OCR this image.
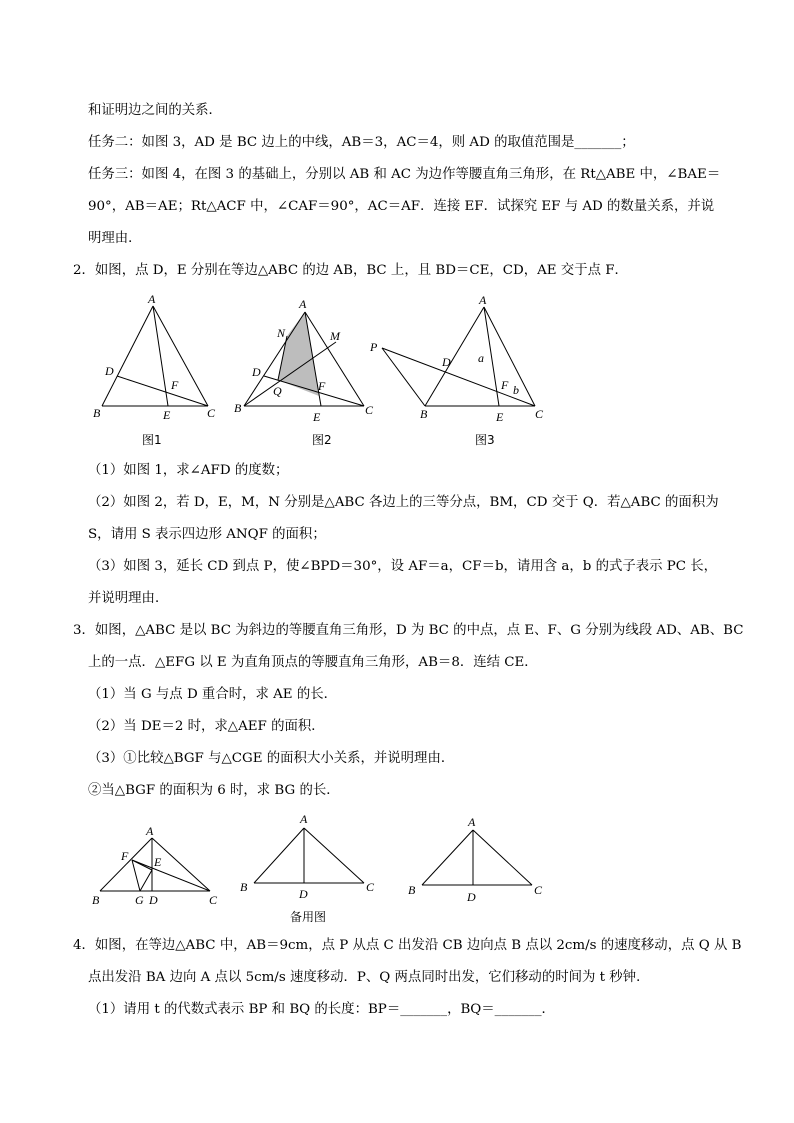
和证明边之间的关系．
任务二：如图 3，AD 是 BC 边上的中线，AB＝3，AC＝4，则 AD 的取值范围是_______；
任务三：如图 4，在图 3 的基础上，分别以 AB 和 AC 为边作等腰直角三角形，在 Rt△ABE 中，∠BAE＝
90°，AB＝AE；Rt△ACF 中，∠CAF＝90°，AC＝AF．连接 EF．试探究 EF 与 AD 的数量关系，并说
明理由．
2．如图，点 D，E 分别在等边△ABC 的边 AB，BC 上，且 BD＝CE，CD，AE 交于点 F．
A
B	C
D
E
F
图1
A
B	C
D
E
F
M
N
Q
图2
A
B	C
D
E
F
P
a
b
图3
（1）如图 1，求∠AFD 的度数；
（2）如图 2，若 D，E，M，N 分别是△ABC 各边上的三等分点，BM，CD 交于 Q．若△ABC 的面积为
S，请用 S 表示四边形 ANQF 的面积；
（3）如图 3，延长 CD 到点 P，使∠BPD＝30°，设 AF＝a，CF＝b，请用含 a，b 的式子表示 PC 长，
并说明理由．
3．如图，△ABC 是以 BC 为斜边的等腰直角三角形，D 为 BC 的中点，点 E、F、G 分别为线段 AD、AB、BC
上的一点．△EFG 以 E 为直角顶点的等腰直角三角形，AB＝8．连结 CE．
（1）当 G 与点 D 重合时，求 AE 的长．
（2）当 DE＝2 时，求△AEF 的面积．
（3）①比较△BGF 与△CGE 的面积大小关系，并说明理由．
②当△BGF 的面积为 6 时，求 BG 的长．
A
B	C
D
E
F
G
A
B	C
D
备用图
A
B	C
D
4．如图，在等边△ABC 中，AB＝9cm，点 P 从点 C 出发沿 CB 边向点 B 点以 2cm/s 的速度移动，点 Q 从 B
点出发沿 BA 边向 A 点以 5cm/s 速度移动．P、Q 两点同时出发，它们移动的时间为 t 秒钟．
（1）请用 t 的代数式表示 BP 和 BQ 的长度：BP＝_______，BQ＝_______．
